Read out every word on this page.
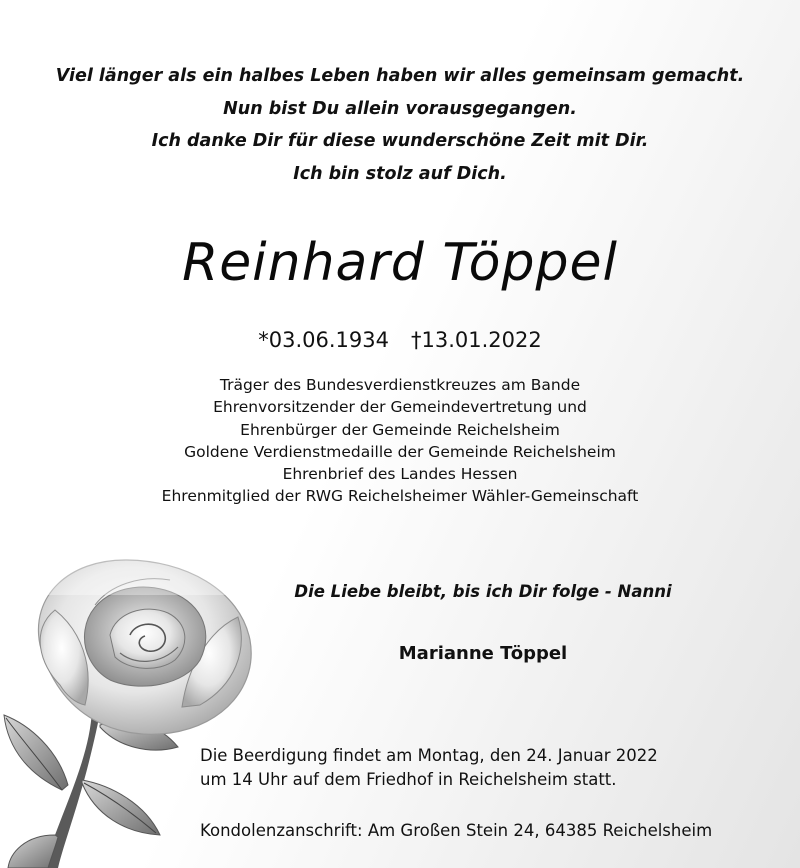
Viel länger als ein halbes Leben haben wir alles gemeinsam gemacht.
Nun bist Du allein vorausgegangen.
Ich danke Dir für diese wunderschöne Zeit mit Dir.
Ich bin stolz auf Dich.
Reinhard Töppel
*03.06.1934 †13.01.2022
Träger des Bundesverdienstkreuzes am Bande
Ehrenvorsitzender der Gemeindevertretung und
Ehrenbürger der Gemeinde Reichelsheim
Goldene Verdienstmedaille der Gemeinde Reichelsheim
Ehrenbrief des Landes Hessen
Ehrenmitglied der RWG Reichelsheimer Wähler-Gemeinschaft
Die Liebe bleibt, bis ich Dir folge - Nanni
Marianne Töppel
Die Beerdigung findet am Montag, den 24. Januar 2022
um 14 Uhr auf dem Friedhof in Reichelsheim statt.
Kondolenzanschrift: Am Großen Stein 24, 64385 Reichelsheim
